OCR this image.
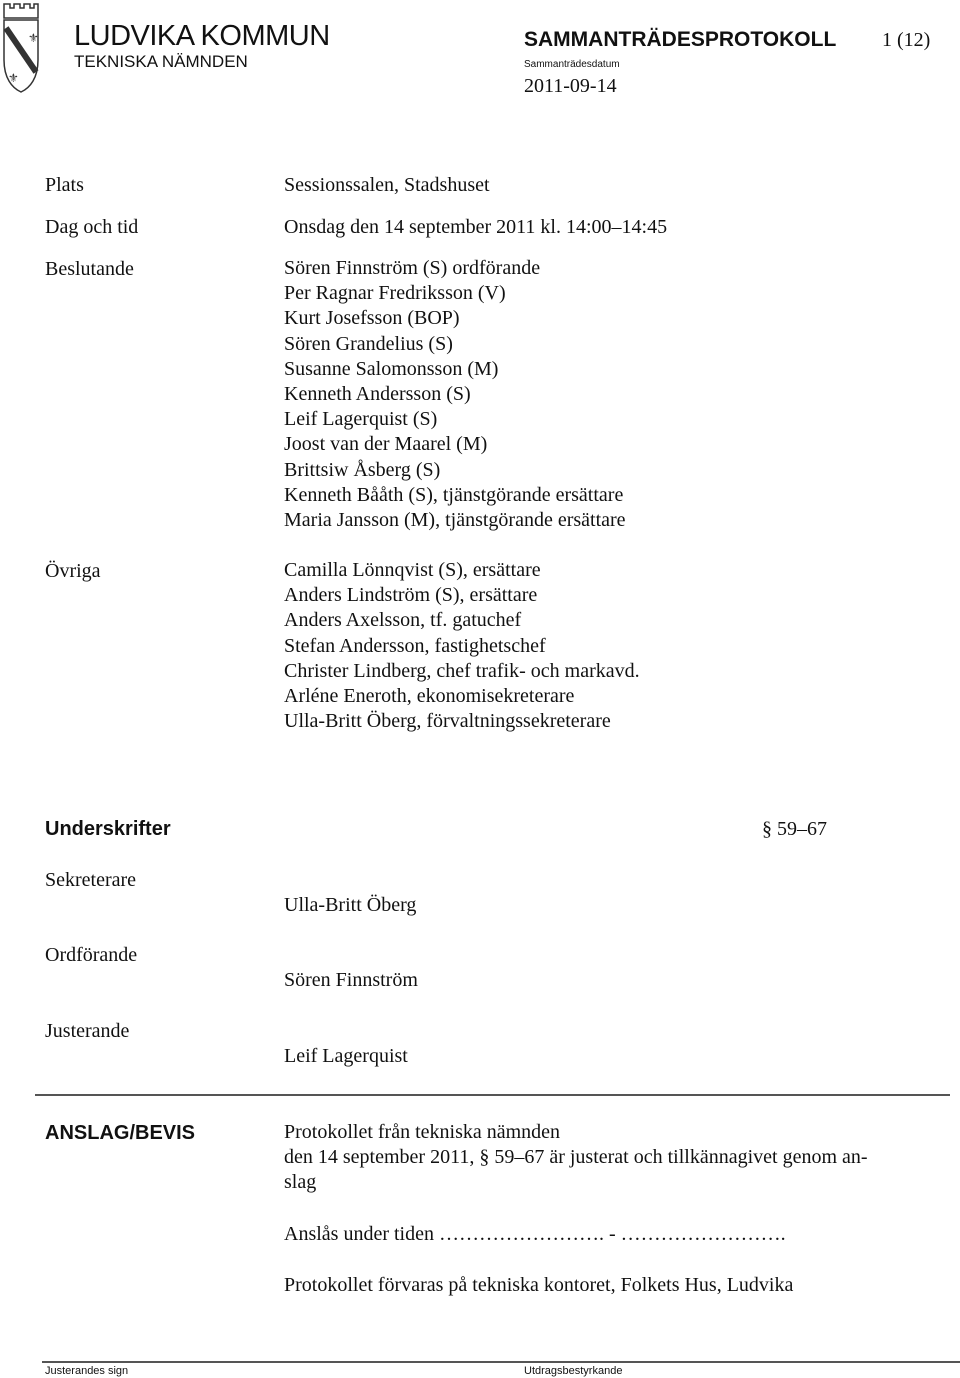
⚜
⚜
LUDVIKA KOMMUN
TEKNISKA NÄMNDEN
SAMMANTRÄDESPROTOKOLL 1 (12)
Sammanträdesdatum
2011-09-14
Plats	Sessionssalen, Stadshuset
Dag och tid	Onsdag den 14 september 2011 kl. 14:00–14:45
Beslutande	Sören Finnström (S) ordförande
Per Ragnar Fredriksson (V)
Kurt Josefsson (BOP)
Sören Grandelius (S)
Susanne Salomonsson (M)
Kenneth Andersson (S)
Leif Lagerquist (S)
Joost van der Maarel (M)
Brittsiw Åsberg (S)
Kenneth Bååth (S), tjänstgörande ersättare
Maria Jansson (M), tjänstgörande ersättare
Övriga	Camilla Lönnqvist (S), ersättare
Anders Lindström (S), ersättare
Anders Axelsson, tf. gatuchef
Stefan Andersson, fastighetschef
Christer Lindberg, chef trafik- och markavd.
Arléne Eneroth, ekonomisekreterare
Ulla-Britt Öberg, förvaltningssekreterare
Underskrifter	§ 59–67
Sekreterare
Ulla-Britt Öberg
Ordförande
Sören Finnström
Justerande
Leif Lagerquist
ANSLAG/BEVIS	Protokollet från tekniska nämnden
den 14 september 2011, § 59–67 är justerat och tillkännagivet genom an-
slag
Anslås under tiden ……………………. - …………………….
Protokollet förvaras på tekniska kontoret, Folkets Hus, Ludvika
Justerandes sign	Utdragsbestyrkande
